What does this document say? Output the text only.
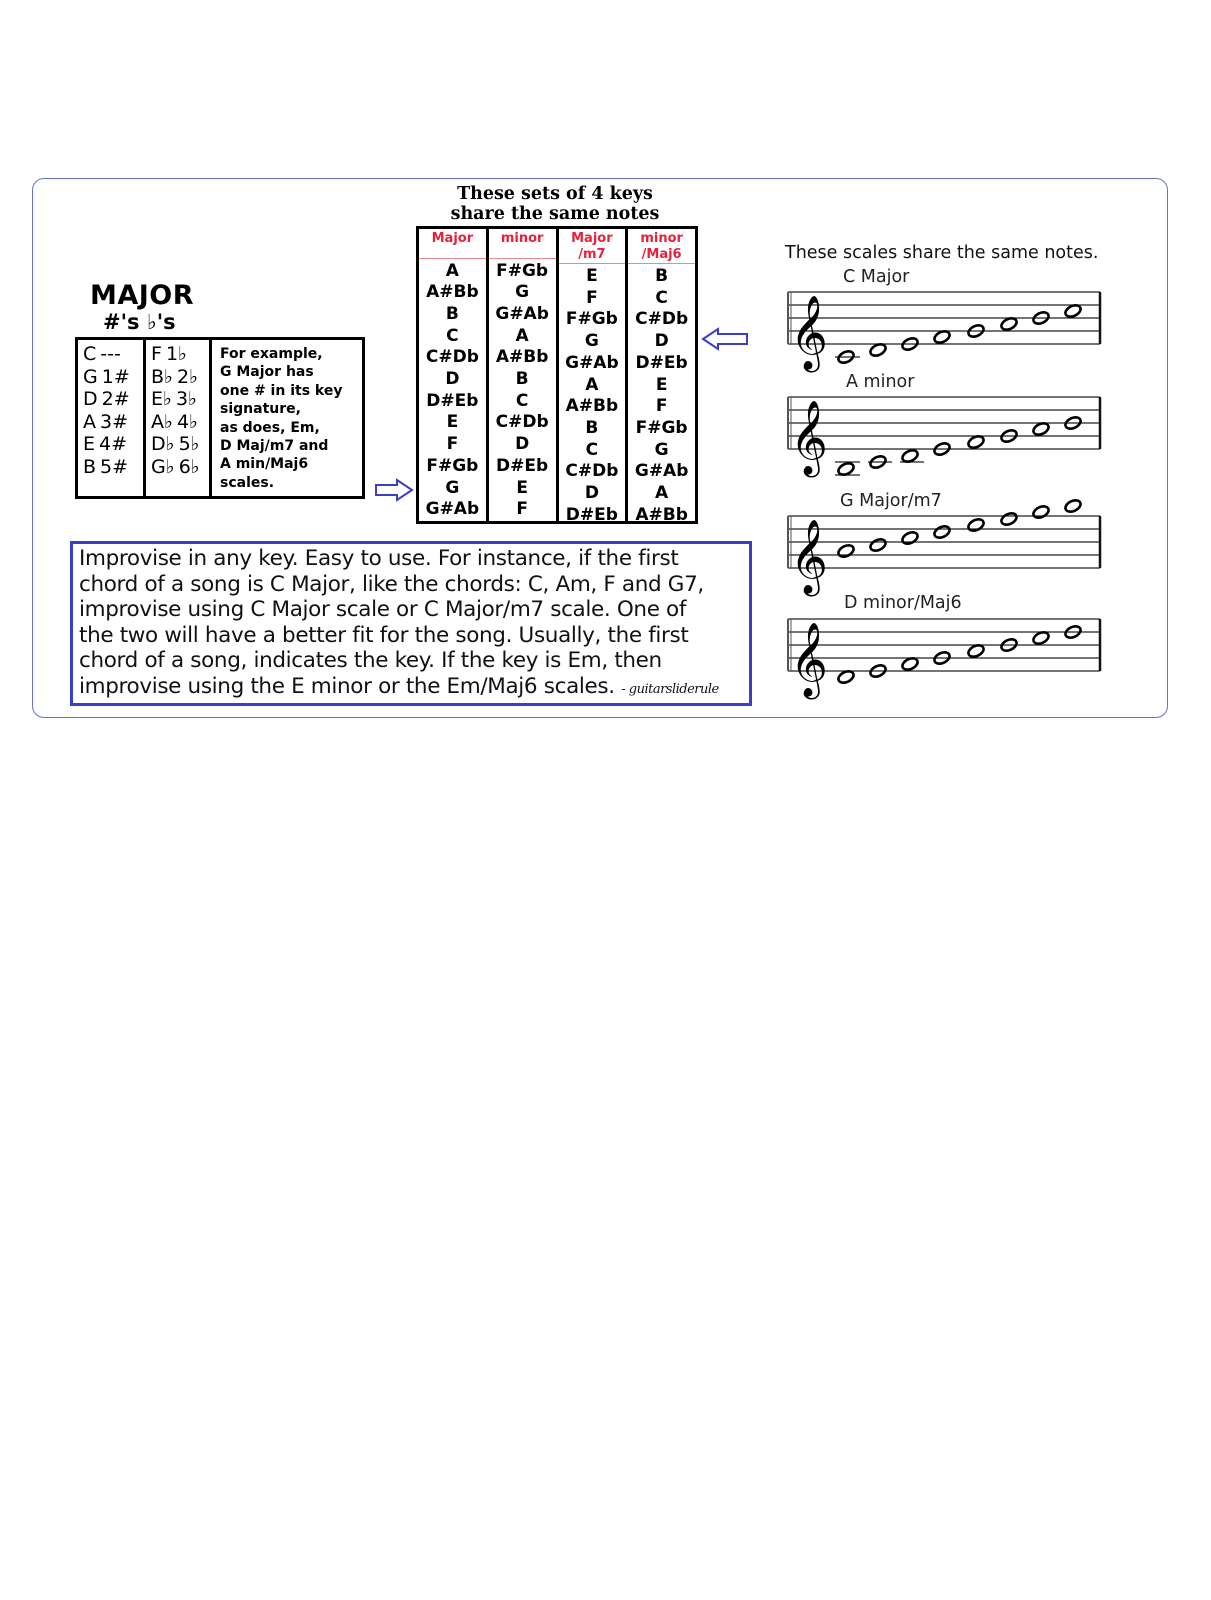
MAJOR
#'s ♭'s
C ---
G 1#
D 2#
A 3#
E 4#
B 5#
F 1♭
B♭ 2♭
E♭ 3♭
A♭ 4♭
D♭ 5♭
G♭ 6♭
For example,
G Major has
one # in its key
signature,
as does, Em,
D Maj/m7 and
A min/Maj6
scales.
These sets of 4 keys
share the same notes
Major
A
A#Bb
B
C
C#Db
D
D#Eb
E
F
F#Gb
G
G#Ab
minor
F#Gb
G
G#Ab
A
A#Bb
B
C
C#Db
D
D#Eb
E
F
Major
/m7
E
F
F#Gb
G
G#Ab
A
A#Bb
B
C
C#Db
D
D#Eb
minor
/Maj6
B
C
C#Db
D
D#Eb
E
F
F#Gb
G
G#Ab
A
A#Bb
These scales share the same notes.
𝄞
𝄞
𝄞
𝄞
C Major
A minor
G Major/m7
D minor/Maj6
Improvise in any key. Easy to use. For instance, if the first
chord of a song is C Major, like the chords: C, Am, F and G7,
improvise using C Major scale or C Major/m7 scale. One of
the two will have a better fit for the song. Usually, the first
chord of a song, indicates the key. If the key is Em, then
improvise using the E minor or the Em/Maj6 scales. - guitarsliderule
